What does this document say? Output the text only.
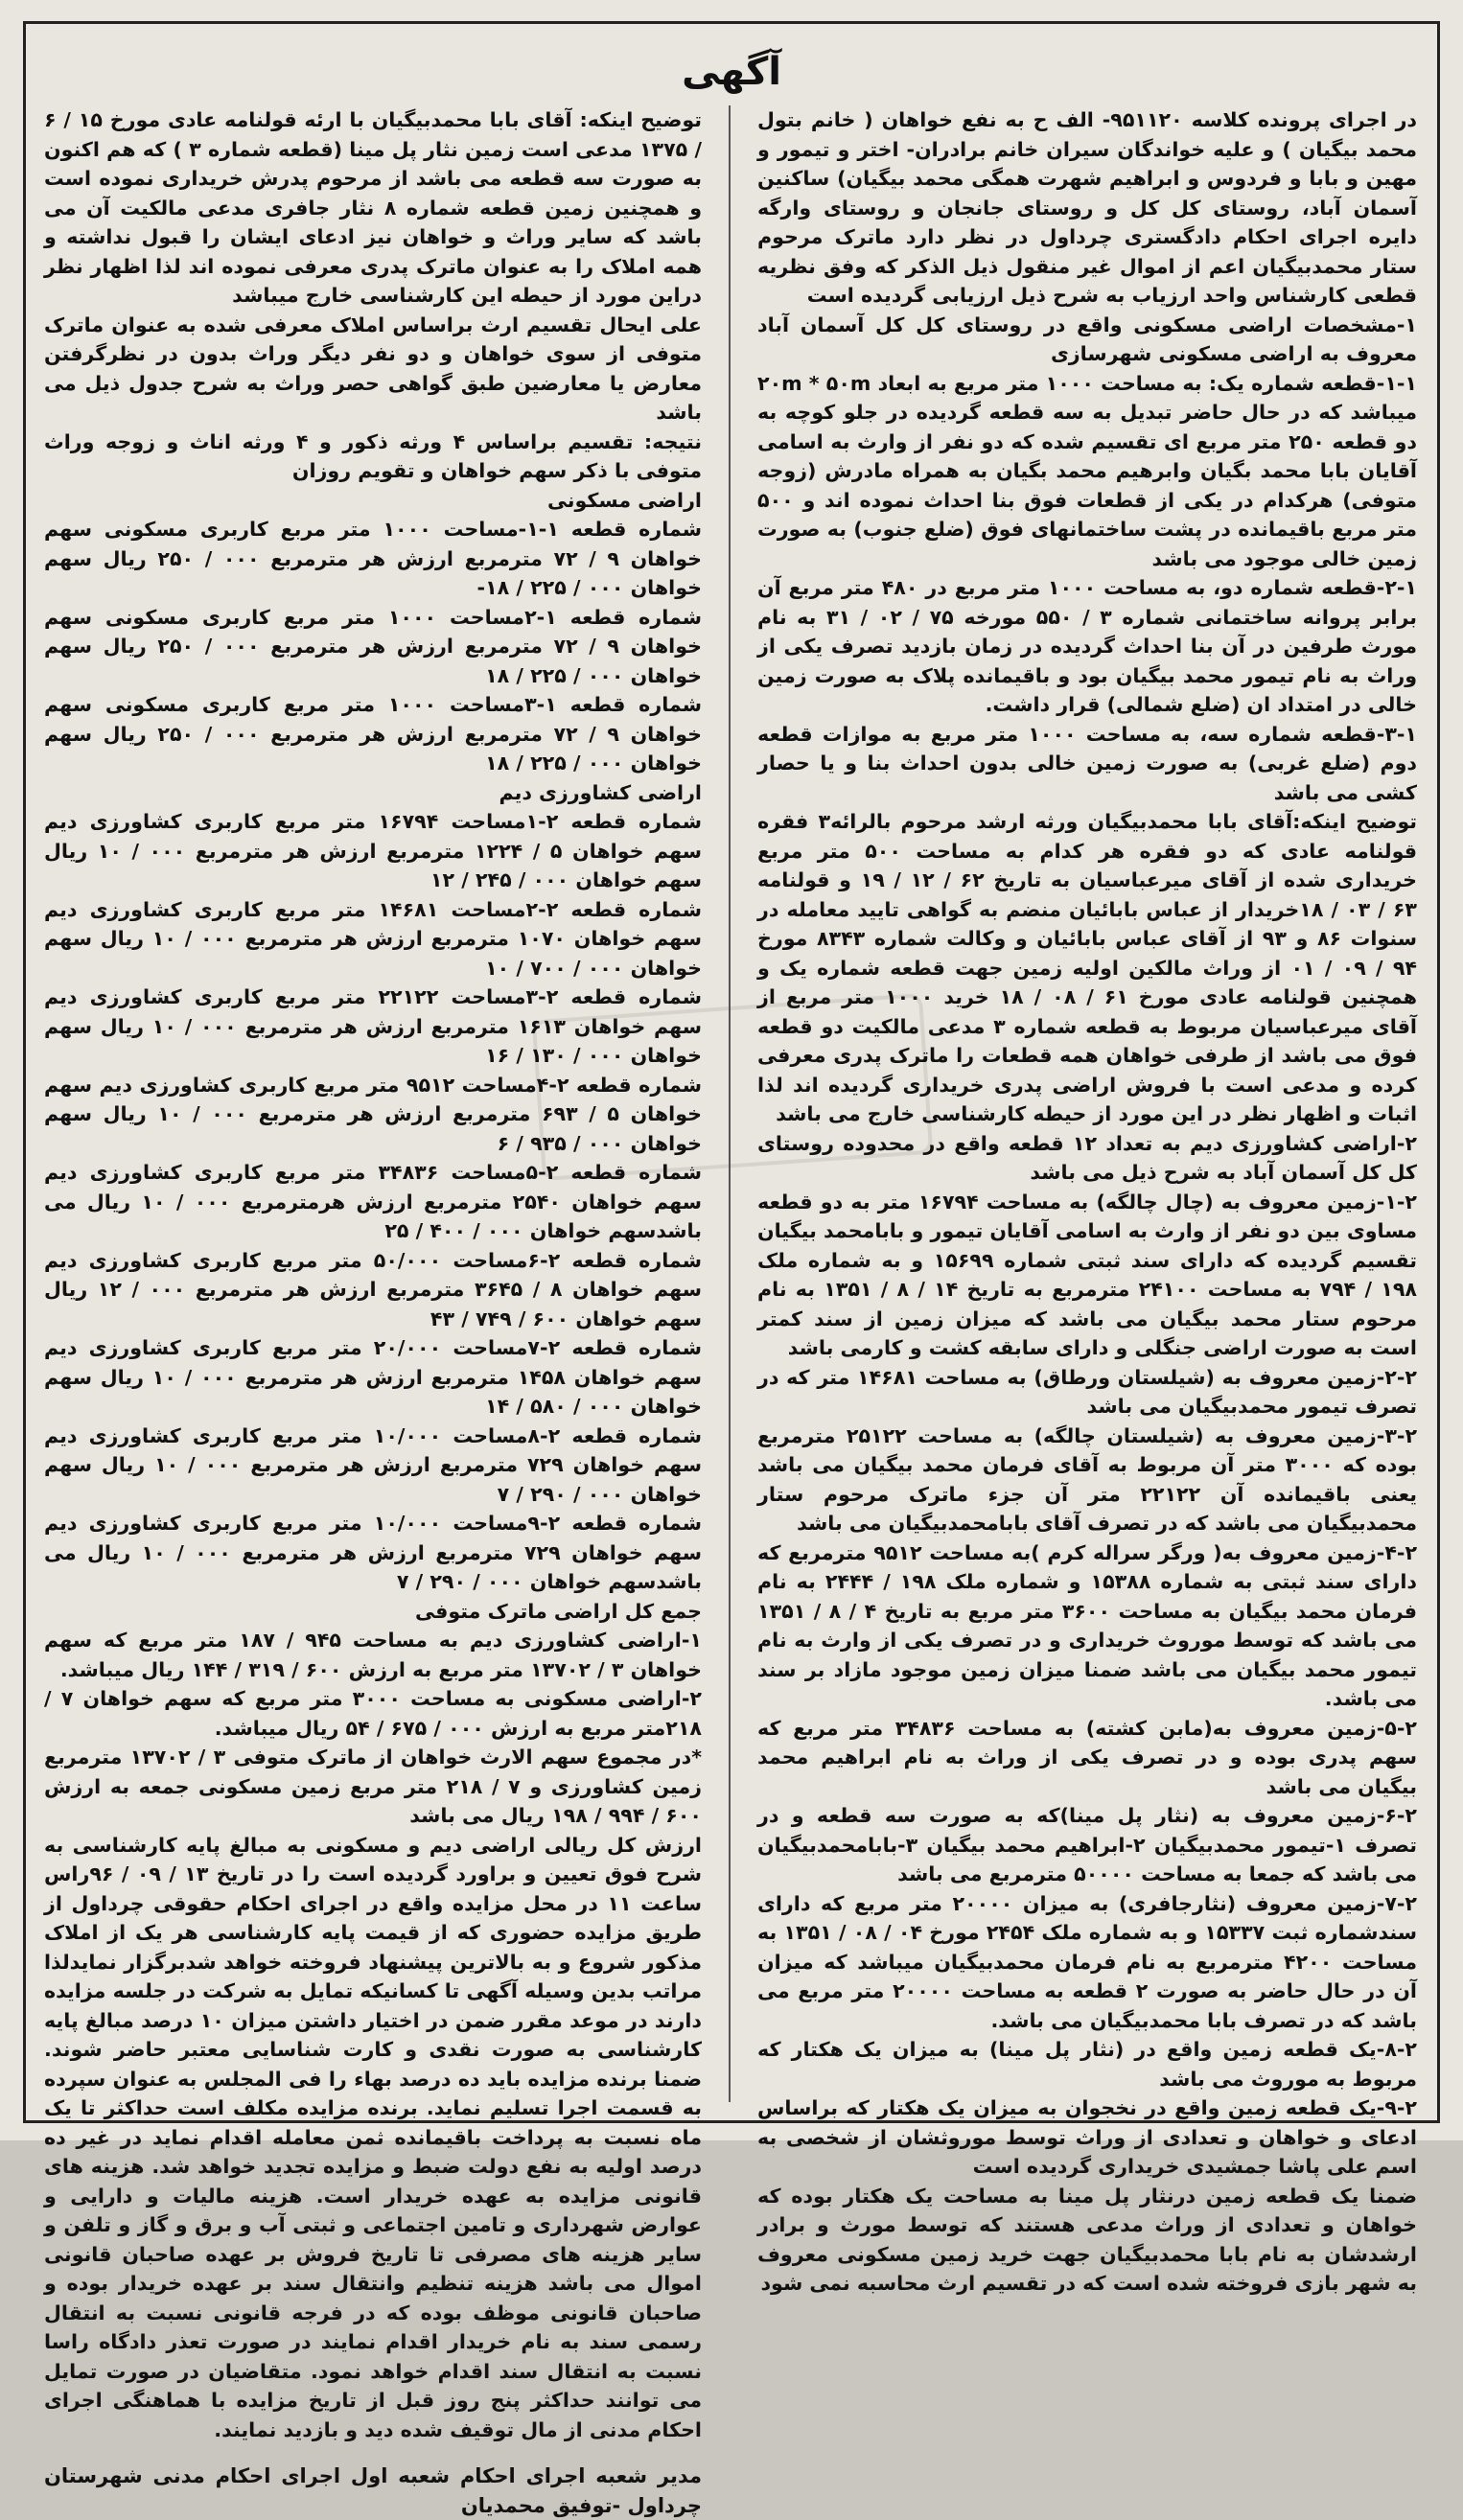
آگهی

در اجرای پرونده کلاسه ۹۵۱۱۲۰- الف ح به نفع خواهان ( خانم بتول محمد بیگیان ) و علیه خواندگان سیران خانم برادران- اختر و تیمور و مهین و بابا و فردوس و ابراهیم شهرت همگی محمد بیگیان) ساکنین آسمان آباد، روستای کل کل و روستای جانجان و روستای وارگه دایره اجرای احکام دادگستری چرداول در نظر دارد ماترک مرحوم ستار محمدبیگیان اعم از اموال غیر منقول ذیل الذکر که وفق نظریه قطعی کارشناس واحد ارزیاب به شرح ذیل ارزیابی گردیده است

۱-مشخصات اراضی مسکونی واقع در روستای کل کل آسمان آباد معروف به اراضی مسکونی شهرسازی

۱-۱-قطعه شماره یک: به مساحت ۱۰۰۰ متر مربع به ابعاد ۲۰m * ۵۰m میباشد که در حال حاضر تبدیل به سه قطعه گردیده در جلو کوچه به دو قطعه ۲۵۰ متر مربع ای تقسیم شده که دو نفر از وارث به اسامی آقایان بابا محمد بگیان وابرهیم محمد بگیان به همراه مادرش (زوجه متوفی) هرکدام در یکی از قطعات فوق بنا احداث نموده اند و ۵۰۰ متر مربع باقیمانده در پشت ساختمانهای فوق (ضلع جنوب) به صورت زمین خالی موجود می باشد

۲-۱-قطعه شماره دو، به مساحت ۱۰۰۰ متر مربع در ۴۸۰ متر مربع آن برابر پروانه ساختمانی شماره ۳ / ۵۵۰ مورخه ۷۵ / ۰۲ / ۳۱ به نام مورث طرفین در آن بنا احداث گردیده در زمان بازدید تصرف یکی از وراث به نام تیمور محمد بیگیان بود و باقیمانده پلاک به صورت زمین خالی در امتداد ان (ضلع شمالی) قرار داشت.

۳-۱-قطعه شماره سه، به مساحت ۱۰۰۰ متر مربع به موازات قطعه دوم (ضلع غربی) به صورت زمین خالی بدون احداث بنا و یا حصار کشی می باشد

توضیح اینکه:آقای بابا محمدبیگیان ورثه ارشد مرحوم بالرائه۳ فقره قولنامه عادی که دو فقره هر کدام به مساحت ۵۰۰ متر مربع خریداری شده از آقای میرعباسیان به تاریخ ۶۲ / ۱۲ / ۱۹ و قولنامه ۶۳ / ۰۳ / ۱۸خریدار از عباس بابائیان منضم به گواهی تایید معامله در سنوات ۸۶ و ۹۳ از آقای عباس بابائیان و وکالت شماره ۸۳۴۳ مورخ ۹۴ / ۰۹ / ۰۱ از وراث مالکین اولیه زمین جهت قطعه شماره یک و همچنین قولنامه عادی مورخ ۶۱ / ۰۸ / ۱۸ خرید ۱۰۰۰ متر مربع از آقای میرعباسیان مربوط به قطعه شماره ۳ مدعی مالکیت دو قطعه فوق می باشد از طرفی خواهان همه قطعات را ماترک پدری معرفی کرده و مدعی است با فروش اراضی پدری خریداری گردیده اند لذا اثبات و اظهار نظر در این مورد از حیطه کارشناسی خارج می باشد

۲-اراضی کشاورزی دیم به تعداد ۱۲ قطعه واقع در محدوده روستای کل کل آسمان آباد به شرح ذیل می باشد

۱-۲-زمین معروف به (چال چالگه) به مساحت ۱۶۷۹۴ متر به دو قطعه مساوی بین دو نفر از وارث به اسامی آقایان تیمور و بابامحمد بیگیان تقسیم گردیده که دارای سند ثبتی شماره ۱۵۶۹۹ و به شماره ملک ۱۹۸ / ۷۹۴ به مساحت ۲۴۱۰۰ مترمربع به تاریخ ۱۴ / ۸ / ۱۳۵۱ به نام مرحوم ستار محمد بیگیان می باشد که میزان زمین از سند کمتر است به صورت اراضی جنگلی و دارای سابقه کشت و کارمی باشد

۲-۲-زمین معروف به (شیلستان ورطاق) به مساحت ۱۴۶۸۱ متر که در تصرف تیمور محمدبیگیان می باشد

۳-۲-زمین معروف به (شیلستان چالگه) به مساحت ۲۵۱۲۲ مترمربع بوده که ۳۰۰۰ متر آن مربوط به آقای فرمان محمد بیگیان می باشد یعنی باقیمانده آن ۲۲۱۲۲ متر آن جزء ماترک مرحوم ستار محمدبیگیان می باشد که در تصرف آقای بابامحمدبیگیان می باشد

۴-۲-زمین معروف به( ورگر سراله کرم )به مساحت ۹۵۱۲ مترمربع که دارای سند ثبتی به شماره ۱۵۳۸۸ و شماره ملک ۱۹۸ / ۲۴۴۴ به نام فرمان محمد بیگیان به مساحت ۳۶۰۰ متر مربع به تاریخ ۴ / ۸ / ۱۳۵۱ می باشد که توسط موروث خریداری و در تصرف یکی از وارث به نام تیمور محمد بیگیان می باشد ضمنا میزان زمین موجود مازاد بر سند می باشد.

۵-۲-زمین معروف به(مابن کشته) به مساحت ۳۴۸۳۶ متر مربع که سهم پدری بوده و در تصرف یکی از وراث به نام ابراهیم محمد بیگیان می باشد

۶-۲-زمین معروف به (نثار پل مینا)که به صورت سه قطعه و در تصرف ۱-تیمور محمدبیگیان ۲-ابراهیم محمد بیگیان ۳-بابامحمدبیگیان می باشد که جمعا به مساحت ۵۰۰۰۰ مترمربع می باشد

۷-۲-زمین معروف (نثارجافری) به میزان ۲۰۰۰۰ متر مربع که دارای سندشماره ثبت ۱۵۳۳۷ و به شماره ملک ۲۴۵۴ مورخ ۰۴ / ۰۸ / ۱۳۵۱ به مساحت ۴۲۰۰ مترمربع به نام فرمان محمدبیگیان میباشد که میزان آن در حال حاضر به صورت ۲ قطعه به مساحت ۲۰۰۰۰ متر مربع می باشد که در تصرف بابا محمدبیگیان می باشد.

۸-۲-یک قطعه زمین واقع در (نثار پل مینا) به میزان یک هکتار که مربوط به موروث می باشد

۹-۲-یک قطعه زمین واقع در نخجوان به میزان یک هکتار که براساس ادعای و خواهان و تعدادی از وراث توسط موروثشان از شخصی به اسم علی پاشا جمشیدی خریداری گردیده است

ضمنا یک قطعه زمین درنثار پل مینا به مساحت یک هکتار بوده که خواهان و تعدادی از وراث مدعی هستند که توسط مورث و برادر ارشدشان به نام بابا محمدبیگیان جهت خرید زمین مسکونی معروف به شهر بازی فروخته شده است که در تقسیم ارث محاسبه نمی شود

توضیح اینکه: آقای بابا محمدبیگیان با ارئه قولنامه عادی مورخ ۱۵ / ۶ / ۱۳۷۵ مدعی است زمین نثار پل مینا (قطعه شماره ۳ ) که هم اکنون به صورت سه قطعه می باشد از مرحوم پدرش خریداری نموده است و همچنین زمین قطعه شماره ۸ نثار جافری مدعی مالکیت آن می باشد که سایر وراث و خواهان نیز ادعای ایشان را قبول نداشته و همه املاک را به عنوان ماترک پدری معرفی نموده اند لذا اظهار نظر دراین مورد از حیطه این کارشناسی خارج میباشد

علی ایحال تقسیم ارث براساس املاک معرفی شده به عنوان ماترک متوفی از سوی خواهان و دو نفر دیگر وراث بدون در نظرگرفتن معارض یا معارضین طبق گواهی حصر وراث به شرح جدول ذیل می باشد

نتیجه: تقسیم براساس ۴ ورثه ذکور و ۴ ورثه اناث و زوجه وراث متوفی با ذکر سهم خواهان و تقویم روزان

اراضی مسکونی

شماره قطعه ۱-۱-مساحت ۱۰۰۰ متر مربع کاربری مسکونی سهم خواهان ۹ / ۷۲ مترمربع ارزش هر مترمربع ۰۰۰ / ۲۵۰ ریال سهم خواهان ۰۰۰ / ۲۲۵ / ۱۸-

شماره قطعه ۱-۲مساحت ۱۰۰۰ متر مربع کاربری مسکونی سهم خواهان ۹ / ۷۲ مترمربع ارزش هر مترمربع ۰۰۰ / ۲۵۰ ریال سهم خواهان ۰۰۰ / ۲۲۵ / ۱۸

شماره قطعه ۱-۳مساحت ۱۰۰۰ متر مربع کاربری مسکونی سهم خواهان ۹ / ۷۲ مترمربع ارزش هر مترمربع ۰۰۰ / ۲۵۰ ریال سهم خواهان ۰۰۰ / ۲۲۵ / ۱۸

اراضی کشاورزی دیم

شماره قطعه ۲-۱مساحت ۱۶۷۹۴ متر مربع کاربری کشاورزی دیم سهم خواهان ۵ / ۱۲۲۴ مترمربع ارزش هر مترمربع ۰۰۰ / ۱۰ ریال سهم خواهان ۰۰۰ / ۲۴۵ / ۱۲

شماره قطعه ۲-۲مساحت ۱۴۶۸۱ متر مربع کاربری کشاورزی دیم سهم خواهان ۱۰۷۰ مترمربع ارزش هر مترمربع ۰۰۰ / ۱۰ ریال سهم خواهان ۰۰۰ / ۷۰۰ / ۱۰

شماره قطعه ۲-۳مساحت ۲۲۱۲۲ متر مربع کاربری کشاورزی دیم سهم خواهان ۱۶۱۳ مترمربع ارزش هر مترمربع ۰۰۰ / ۱۰ ریال سهم خواهان ۰۰۰ / ۱۳۰ / ۱۶

شماره قطعه ۲-۴مساحت ۹۵۱۲ متر مربع کاربری کشاورزی دیم سهم خواهان ۵ / ۶۹۳ مترمربع ارزش هر مترمربع ۰۰۰ / ۱۰ ریال سهم خواهان ۰۰۰ / ۹۳۵ / ۶

شماره قطعه ۲-۵مساحت ۳۴۸۳۶ متر مربع کاربری کشاورزی دیم سهم خواهان ۲۵۴۰ مترمربع ارزش هرمترمربع ۰۰۰ / ۱۰ ریال می باشدسهم خواهان ۰۰۰ / ۴۰۰ / ۲۵

شماره قطعه ۲-۶مساحت ۵۰/۰۰۰ متر مربع کاربری کشاورزی دیم سهم خواهان ۸ / ۳۶۴۵ مترمربع ارزش هر مترمربع ۰۰۰ / ۱۲ ریال سهم خواهان ۶۰۰ / ۷۴۹ / ۴۳

شماره قطعه ۲-۷مساحت ۲۰/۰۰۰ متر مربع کاربری کشاورزی دیم سهم خواهان ۱۴۵۸ مترمربع ارزش هر مترمربع ۰۰۰ / ۱۰ ریال سهم خواهان ۰۰۰ / ۵۸۰ / ۱۴

شماره قطعه ۲-۸مساحت ۱۰/۰۰۰ متر مربع کاربری کشاورزی دیم سهم خواهان ۷۲۹ مترمربع ارزش هر مترمربع ۰۰۰ / ۱۰ ریال سهم خواهان ۰۰۰ / ۲۹۰ / ۷

شماره قطعه ۲-۹مساحت ۱۰/۰۰۰ متر مربع کاربری کشاورزی دیم سهم خواهان ۷۲۹ مترمربع ارزش هر مترمربع ۰۰۰ / ۱۰ ریال می باشدسهم خواهان ۰۰۰ / ۲۹۰ / ۷

جمع کل اراضی ماترک متوفی

۱-اراضی کشاورزی دیم به مساحت ۹۴۵ / ۱۸۷ متر مربع که سهم خواهان ۳ / ۱۳۷۰۲ متر مربع به ارزش ۶۰۰ / ۳۱۹ / ۱۴۴ ریال میباشد.

۲-اراضی مسکونی به مساحت ۳۰۰۰ متر مربع که سهم خواهان ۷ / ۲۱۸متر مربع به ارزش ۰۰۰ / ۶۷۵ / ۵۴ ریال میباشد.

*در مجموع سهم الارث خواهان از ماترک متوفی ۳ / ۱۳۷۰۲ مترمربع زمین کشاورزی و ۷ / ۲۱۸ متر مربع زمین مسکونی جمعه به ارزش ۶۰۰ / ۹۹۴ / ۱۹۸ ریال می باشد

ارزش کل ریالی اراضی دیم و مسکونی به مبالغ پایه کارشناسی به شرح فوق تعیین و براورد گردیده است را در تاریخ ۱۳ / ۰۹ / ۹۶راس ساعت ۱۱ در محل مزایده واقع در اجرای احکام حقوقی چرداول از طریق مزایده حضوری که از قیمت پایه کارشناسی هر یک از املاک مذکور شروع و به بالاترین پیشنهاد فروخته خواهد شدبرگزار نمایدلذا مراتب بدین وسیله آگهی تا کسانیکه تمایل به شرکت در جلسه مزایده دارند در موعد مقرر ضمن در اختیار داشتن میزان ۱۰ درصد مبالغ پایه کارشناسی به صورت نقدی و کارت شناسایی معتبر حاضر شوند. ضمنا برنده مزایده باید ده درصد بهاء را فی المجلس به عنوان سپرده به قسمت اجرا تسلیم نماید. برنده مزایده مکلف است حداکثر تا یک ماه نسبت به پرداخت باقیمانده ثمن معامله اقدام نماید در غیر ده درصد اولیه به نفع دولت ضبط و مزایده تجدید خواهد شد. هزینه های قانونی مزایده به عهده خریدار است. هزینه مالیات و دارایی و عوارض شهرداری و تامین اجتماعی و ثبتی آب و برق و گاز و تلفن و سایر هزینه های مصرفی تا تاریخ فروش بر عهده صاحبان قانونی اموال می باشد هزینه تنظیم وانتقال سند بر عهده خریدار بوده و صاحبان قانونی موظف بوده که در فرجه قانونی نسبت به انتقال رسمی سند به نام خریدار اقدام نمایند در صورت تعذر دادگاه راسا نسبت به انتقال سند اقدام خواهد نمود. متقاضیان در صورت تمایل می توانند حداکثر پنج روز قبل از تاریخ مزایده با هماهنگی اجرای احکام مدنی از مال توقیف شده دید و بازدید نمایند.

مدیر شعبه اجرای احکام شعبه اول اجرای احکام مدنی شهرستان چرداول -توفیق محمدیان
